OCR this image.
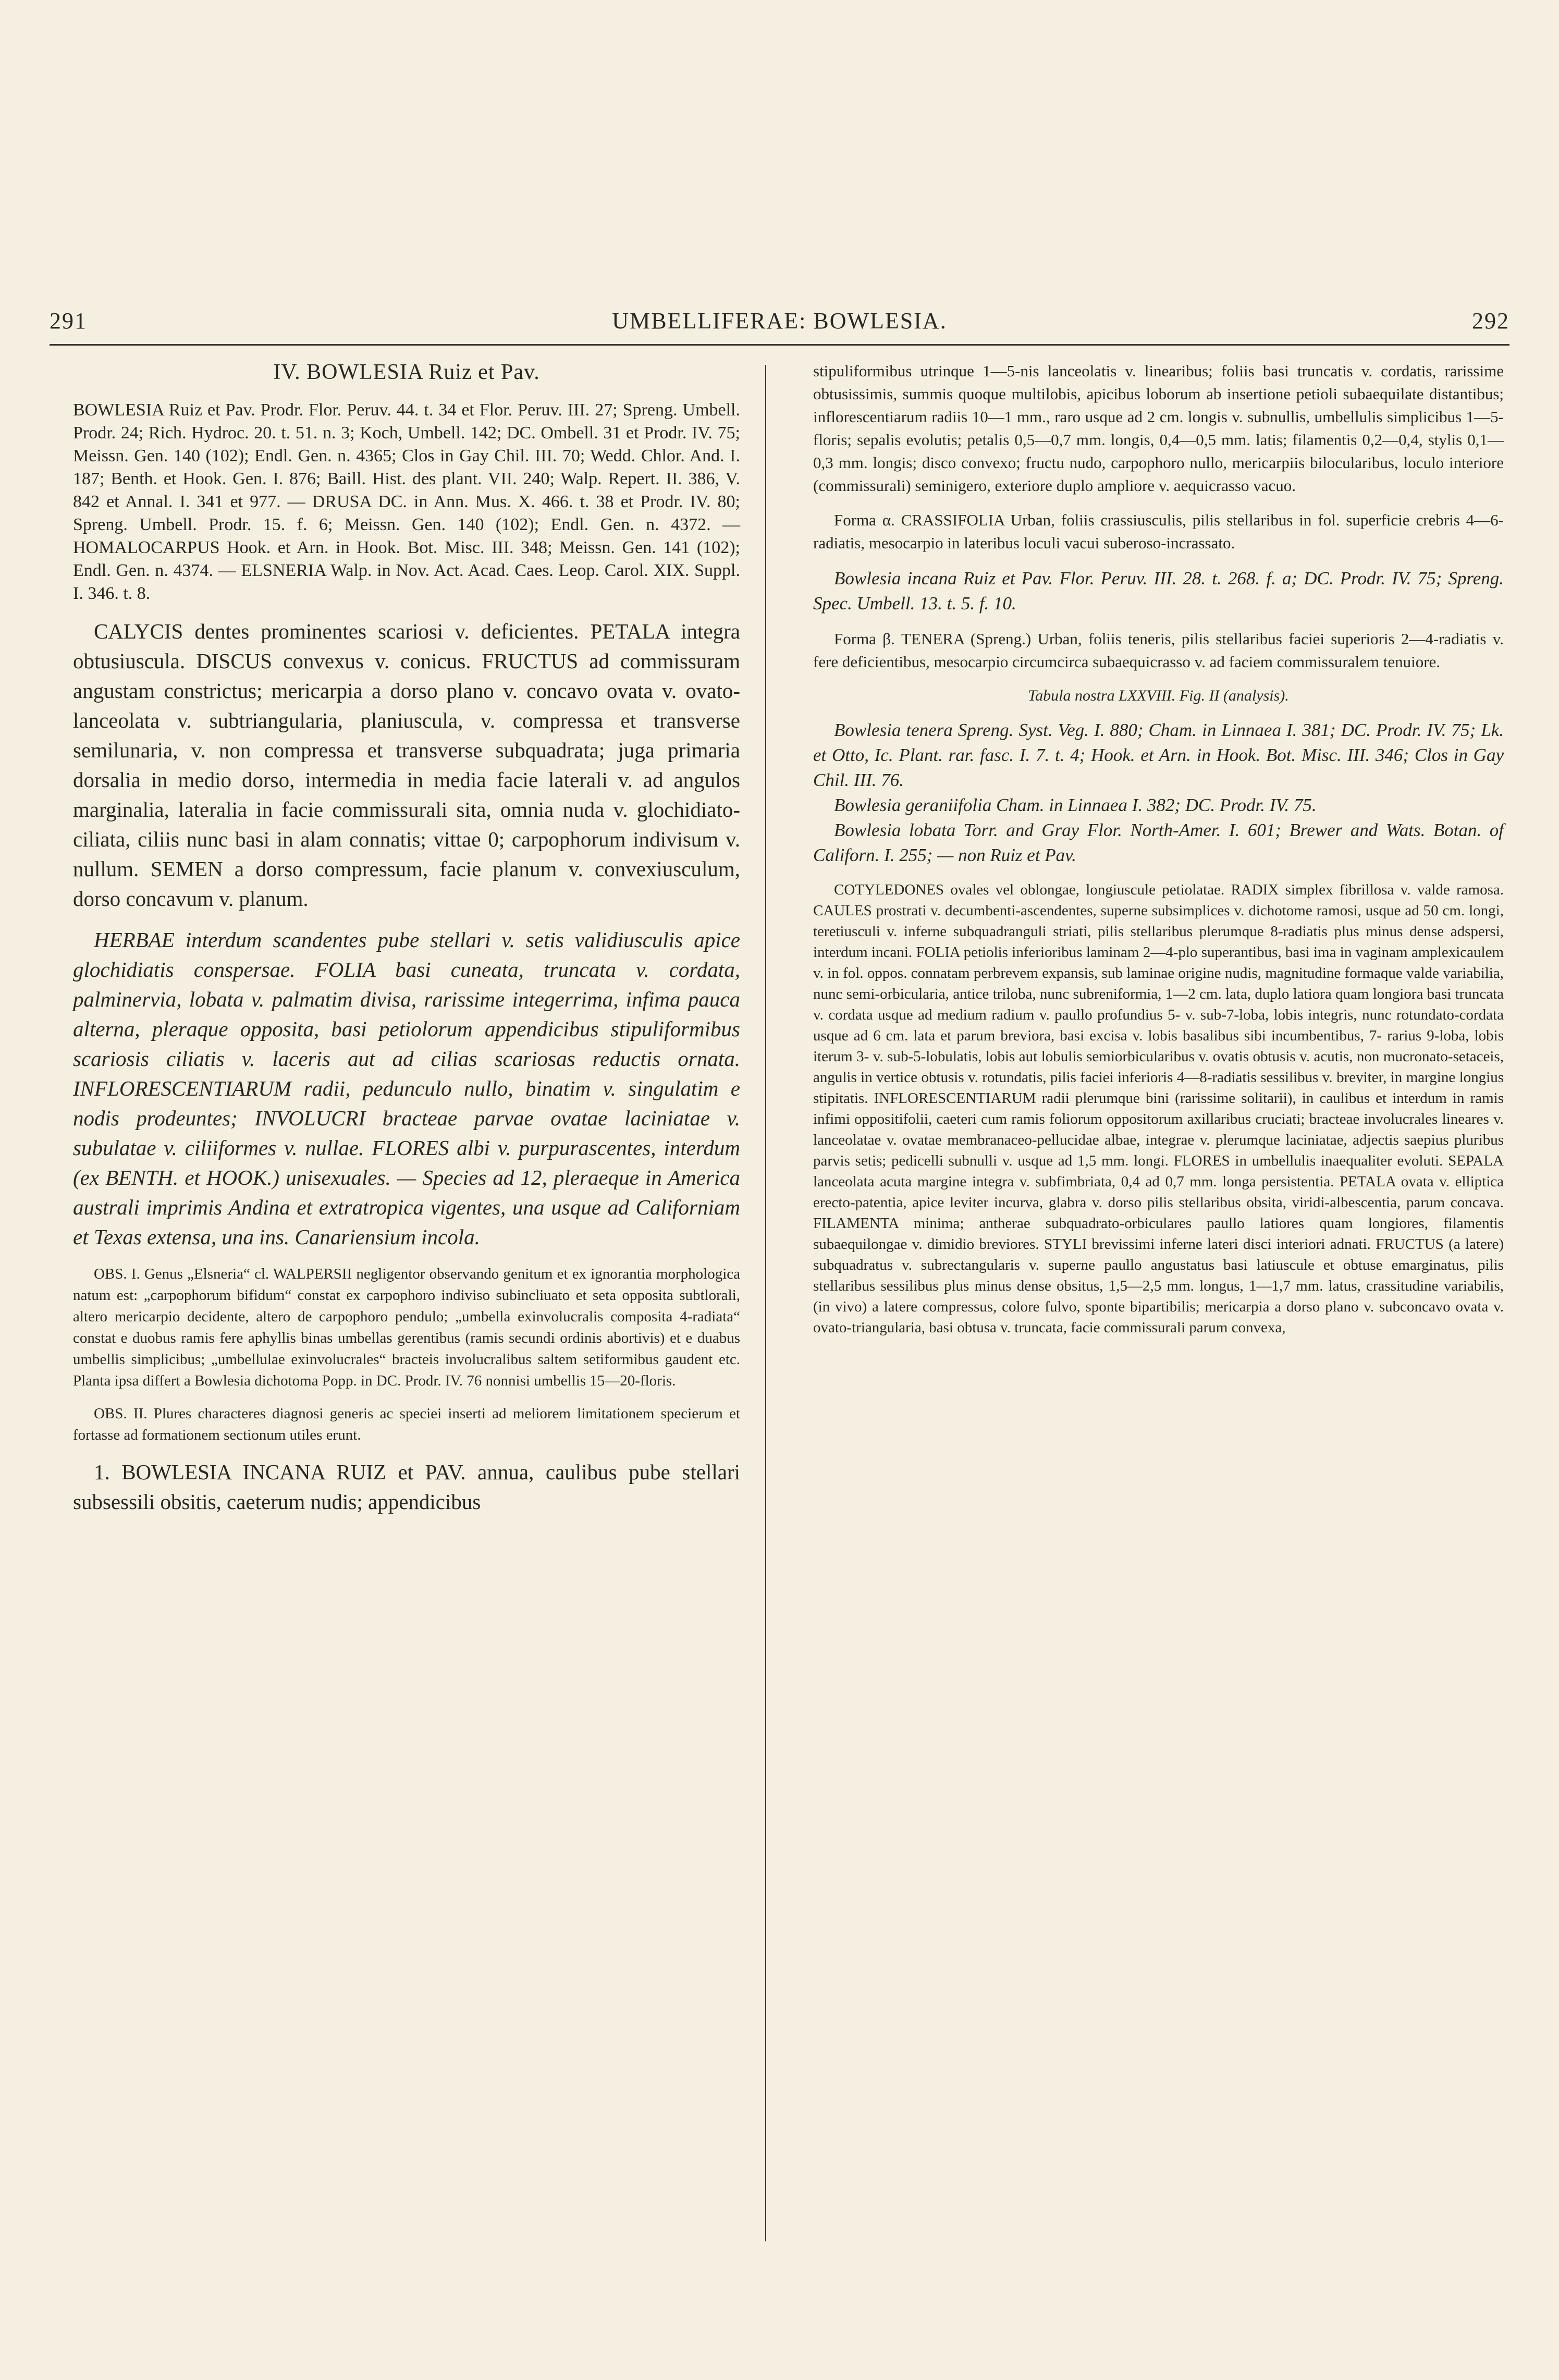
291	UMBELLIFERAE: BOWLESIA.	292
IV. BOWLESIA Ruiz et Pav.

BOWLESIA Ruiz et Pav. Prodr. Flor. Peruv. 44. t. 34 et Flor. Peruv. III. 27; Spreng. Umbell. Prodr. 24; Rich. Hydroc. 20. t. 51. n. 3; Koch, Umbell. 142; DC. Ombell. 31 et Prodr. IV. 75; Meissn. Gen. 140 (102); Endl. Gen. n. 4365; Clos in Gay Chil. III. 70; Wedd. Chlor. And. I. 187; Benth. et Hook. Gen. I. 876; Baill. Hist. des plant. VII. 240; Walp. Repert. II. 386, V. 842 et Annal. I. 341 et 977. — DRUSA DC. in Ann. Mus. X. 466. t. 38 et Prodr. IV. 80; Spreng. Umbell. Prodr. 15. f. 6; Meissn. Gen. 140 (102); Endl. Gen. n. 4372. — HOMALOCARPUS Hook. et Arn. in Hook. Bot. Misc. III. 348; Meissn. Gen. 141 (102); Endl. Gen. n. 4374. — ELSNERIA Walp. in Nov. Act. Acad. Caes. Leop. Carol. XIX. Suppl. I. 346. t. 8.

CALYCIS dentes prominentes scariosi v. deficientes. PETALA integra obtusiuscula. DISCUS convexus v. conicus. FRUCTUS ad commissuram angustam constrictus; mericarpia a dorso plano v. concavo ovata v. ovato-lanceolata v. subtriangularia, planiuscula, v. compressa et transverse semilunaria, v. non compressa et transverse subquadrata; juga primaria dorsalia in medio dorso, intermedia in media facie laterali v. ad angulos marginalia, lateralia in facie commissurali sita, omnia nuda v. glochidiato-ciliata, ciliis nunc basi in alam connatis; vittae 0; carpophorum indivisum v. nullum. SEMEN a dorso compressum, facie planum v. convexiusculum, dorso concavum v. planum.

HERBAE interdum scandentes pube stellari v. setis validiusculis apice glochidiatis conspersae. FOLIA basi cuneata, truncata v. cordata, palminervia, lobata v. palmatim divisa, rarissime integerrima, infima pauca alterna, pleraque opposita, basi petiolorum appendicibus stipuliformibus scariosis ciliatis v. laceris aut ad cilias scariosas reductis ornata. INFLORESCENTIARUM radii, pedunculo nullo, binatim v. singulatim e nodis prodeuntes; INVOLUCRI bracteae parvae ovatae laciniatae v. subulatae v. ciliiformes v. nullae. FLORES albi v. purpurascentes, interdum (ex BENTH. et HOOK.) unisexuales. — Species ad 12, pleraeque in America australi imprimis Andina et extratropica vigentes, una usque ad Californiam et Texas extensa, una ins. Canariensium incola.

OBS. I. Genus „Elsneria“ cl. WALPERSII negligentor observando genitum et ex ignorantia morphologica natum est: „carpophorum bifidum“ constat ex carpophoro indiviso subincliuato et seta opposita subtlorali, altero mericarpio decidente, altero de carpophoro pendulo; „umbella exinvolucralis composita 4-radiata“ constat e duobus ramis fere aphyllis binas umbellas gerentibus (ramis secundi ordinis abortivis) et e duabus umbellis simplicibus; „umbellulae exinvolucrales“ bracteis involucralibus saltem setiformibus gaudent etc. Planta ipsa differt a Bowlesia dichotoma Popp. in DC. Prodr. IV. 76 nonnisi umbellis 15—20-floris.

OBS. II. Plures characteres diagnosi generis ac speciei inserti ad meliorem limitationem specierum et fortasse ad formationem sectionum utiles erunt.

1. BOWLESIA INCANA RUIZ et PAV. annua, caulibus pube stellari subsessili obsitis, caeterum nudis; appendicibus

stipuliformibus utrinque 1—5-nis lanceolatis v. linearibus; foliis basi truncatis v. cordatis, rarissime obtusissimis, summis quoque multilobis, apicibus loborum ab insertione petioli subaequilate distantibus; inflorescentiarum radiis 10—1 mm., raro usque ad 2 cm. longis v. subnullis, umbellulis simplicibus 1—5-floris; sepalis evolutis; petalis 0,5—0,7 mm. longis, 0,4—0,5 mm. latis; filamentis 0,2—0,4, stylis 0,1—0,3 mm. longis; disco convexo; fructu nudo, carpophoro nullo, mericarpiis bilocularibus, loculo interiore (commissurali) seminigero, exteriore duplo ampliore v. aequicrasso vacuo.

Forma α. CRASSIFOLIA Urban, foliis crassiusculis, pilis stellaribus in fol. superficie crebris 4—6-radiatis, mesocarpio in lateribus loculi vacui suberoso-incrassato.

Bowlesia incana Ruiz et Pav. Flor. Peruv. III. 28. t. 268. f. a; DC. Prodr. IV. 75; Spreng. Spec. Umbell. 13. t. 5. f. 10.

Forma β. TENERA (Spreng.) Urban, foliis teneris, pilis stellaribus faciei superioris 2—4-radiatis v. fere deficientibus, mesocarpio circumcirca subaequicrasso v. ad faciem commissuralem tenuiore.

Tabula nostra LXXVIII. Fig. II (analysis).

Bowlesia tenera Spreng. Syst. Veg. I. 880; Cham. in Linnaea I. 381; DC. Prodr. IV. 75; Lk. et Otto, Ic. Plant. rar. fasc. I. 7. t. 4; Hook. et Arn. in Hook. Bot. Misc. III. 346; Clos in Gay Chil. III. 76.

Bowlesia geraniifolia Cham. in Linnaea I. 382; DC. Prodr. IV. 75.

Bowlesia lobata Torr. and Gray Flor. North-Amer. I. 601; Brewer and Wats. Botan. of Californ. I. 255; — non Ruiz et Pav.

COTYLEDONES ovales vel oblongae, longiuscule petiolatae. RADIX simplex fibrillosa v. valde ramosa. CAULES prostrati v. decumbenti-ascendentes, superne subsimplices v. dichotome ramosi, usque ad 50 cm. longi, teretiusculi v. inferne subquadranguli striati, pilis stellaribus plerumque 8-radiatis plus minus dense adspersi, interdum incani. FOLIA petiolis inferioribus laminam 2—4-plo superantibus, basi ima in vaginam amplexicaulem v. in fol. oppos. connatam perbrevem expansis, sub laminae origine nudis, magnitudine formaque valde variabilia, nunc semi-orbicularia, antice triloba, nunc subreniformia, 1—2 cm. lata, duplo latiora quam longiora basi truncata v. cordata usque ad medium radium v. paullo profundius 5- v. sub-7-loba, lobis integris, nunc rotundato-cordata usque ad 6 cm. lata et parum breviora, basi excisa v. lobis basalibus sibi incumbentibus, 7- rarius 9-loba, lobis iterum 3- v. sub-5-lobulatis, lobis aut lobulis semiorbicularibus v. ovatis obtusis v. acutis, non mucronato-setaceis, angulis in vertice obtusis v. rotundatis, pilis faciei inferioris 4—8-radiatis sessilibus v. breviter, in margine longius stipitatis. INFLORESCENTIARUM radii plerumque bini (rarissime solitarii), in caulibus et interdum in ramis infimi oppositifolii, caeteri cum ramis foliorum oppositorum axillaribus cruciati; bracteae involucrales lineares v. lanceolatae v. ovatae membranaceo-pellucidae albae, integrae v. plerumque laciniatae, adjectis saepius pluribus parvis setis; pedicelli subnulli v. usque ad 1,5 mm. longi. FLORES in umbellulis inaequaliter evoluti. SEPALA lanceolata acuta margine integra v. subfimbriata, 0,4 ad 0,7 mm. longa persistentia. PETALA ovata v. elliptica erecto-patentia, apice leviter incurva, glabra v. dorso pilis stellaribus obsita, viridi-albescentia, parum concava. FILAMENTA minima; antherae subquadrato-orbiculares paullo latiores quam longiores, filamentis subaequilongae v. dimidio breviores. STYLI brevissimi inferne lateri disci interiori adnati. FRUCTUS (a latere) subquadratus v. subrectangularis v. superne paullo angustatus basi latiuscule et obtuse emarginatus, pilis stellaribus sessilibus plus minus dense obsitus, 1,5—2,5 mm. longus, 1—1,7 mm. latus, crassitudine variabilis, (in vivo) a latere compressus, colore fulvo, sponte bipartibilis; mericarpia a dorso plano v. subconcavo ovata v. ovato-triangularia, basi obtusa v. truncata, facie commissurali parum convexa,
